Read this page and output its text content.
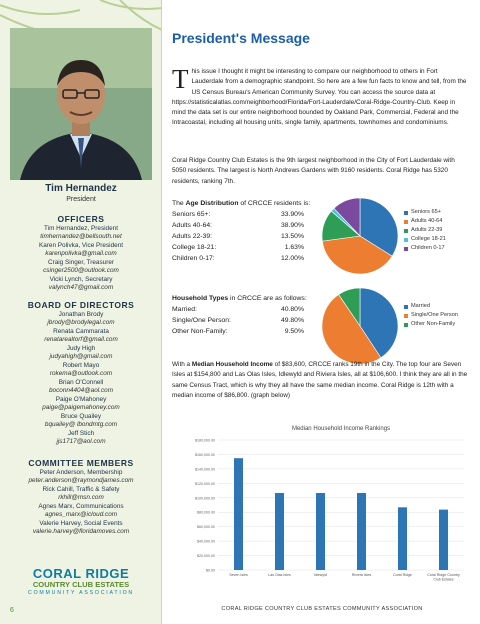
Tim Hernandez
President
OFFICERS
Tim Hernandez, President
timhernandez@bellsouth.net
Karen Polivka, Vice President
karenpolivka@gmail.com
Craig Singer, Treasurer
csinger2500@outlook.com
Vicki Lynch, Secretary
valynch47@gmail.com
BOARD OF DIRECTORS
Jonathan Brody
jbrody@brodylegal.com
Renata Cammarata
renatarealtorf@gmail.com
Judy High
judyahigh@gmail.com
Robert Mayo
rokema@outlook.com
Brian O'Connell
boconn4404@aol.com
Paige O'Mahoney
paige@paigemahoney.com
Bruce Quailey
bquailey@ lbondmtg.com
Jeff Stich
jjs1717@aol.com
COMMITTEE MEMBERS
Peter Anderson, Membership
peter.anderson@raymondjames.com
Rick Cahill, Traffic & Safety
rkhill@msn.com
Agnes Marx, Communications
agnes_marx@icloud.com
Valerie Harvey, Social Events
valerie.harvey@floridamoves.com
CORAL RIDGE
COUNTRY CLUB ESTATES
COMMUNITY ASSOCIATION
6
President's Message
This issue I thought it might be interesting to compare our neighborhood to others in Fort Lauderdale from a demographic standpoint. So here are a few fun facts to know and tell, from the US Census Bureau's American Community Survey. You can access the source data at https://statisticalatlas.com/neighborhood/Florida/Fort-Lauderdale/Coral-Ridge-Country-Club. Keep in mind the data set is our entire neighborhood bounded by Oakland Park, Commercial, Federal and the Intracoastal, including all housing units, single family, apartments, townhomes and condominiums.
Coral Ridge Country Club Estates is the 9th largest neighborhood in the City of Fort Lauderdale with 5050 residents. The largest is North Andrews Gardens with 9160 residents. Coral Ridge has 5320 residents, ranking 7th.
The Age Distribution of CRCCE residents is:
Seniors 65+:	33.90%
Adults 40-64:	38.90%
Adults 22-39:	13.50%
College 18-21:	1.63%
Children 0-17:	12.00%
Seniors 65+
Adults 40-64
Adults 22-39
College 18-21
Children 0-17
Household Types in CRCCE are as follows:
Married:	40.80%
Single/One Person:	49.80%
Other Non-Family:	9.50%
Married
Single/One Person
Other Non-Family
With a Median Household Income of $83,600, CRCCE ranks 19th in the City. The top four are Seven Isles at $154,800 and Las Olas Isles, Idlewyld and Riviera Isles, all at $106,600. I think they are all in the same Census Tract, which is why they all have the same median income. Coral Ridge is 12th with a median income of $86,800. (graph below)
Median Household Income Rankings
$0.00
$20,000.00
$40,000.00
$60,000.00
$80,000.00
$100,000.00
$120,000.00
$140,000.00
$160,000.00
$180,000.00
Seven Isles	Las Olas Isles	Idlewyld	Riviera Isles	Coral Ridge	Coral Ridge Country
Club Estates
CORAL RIDGE COUNTRY CLUB ESTATES COMMUNITY ASSOCIATION
